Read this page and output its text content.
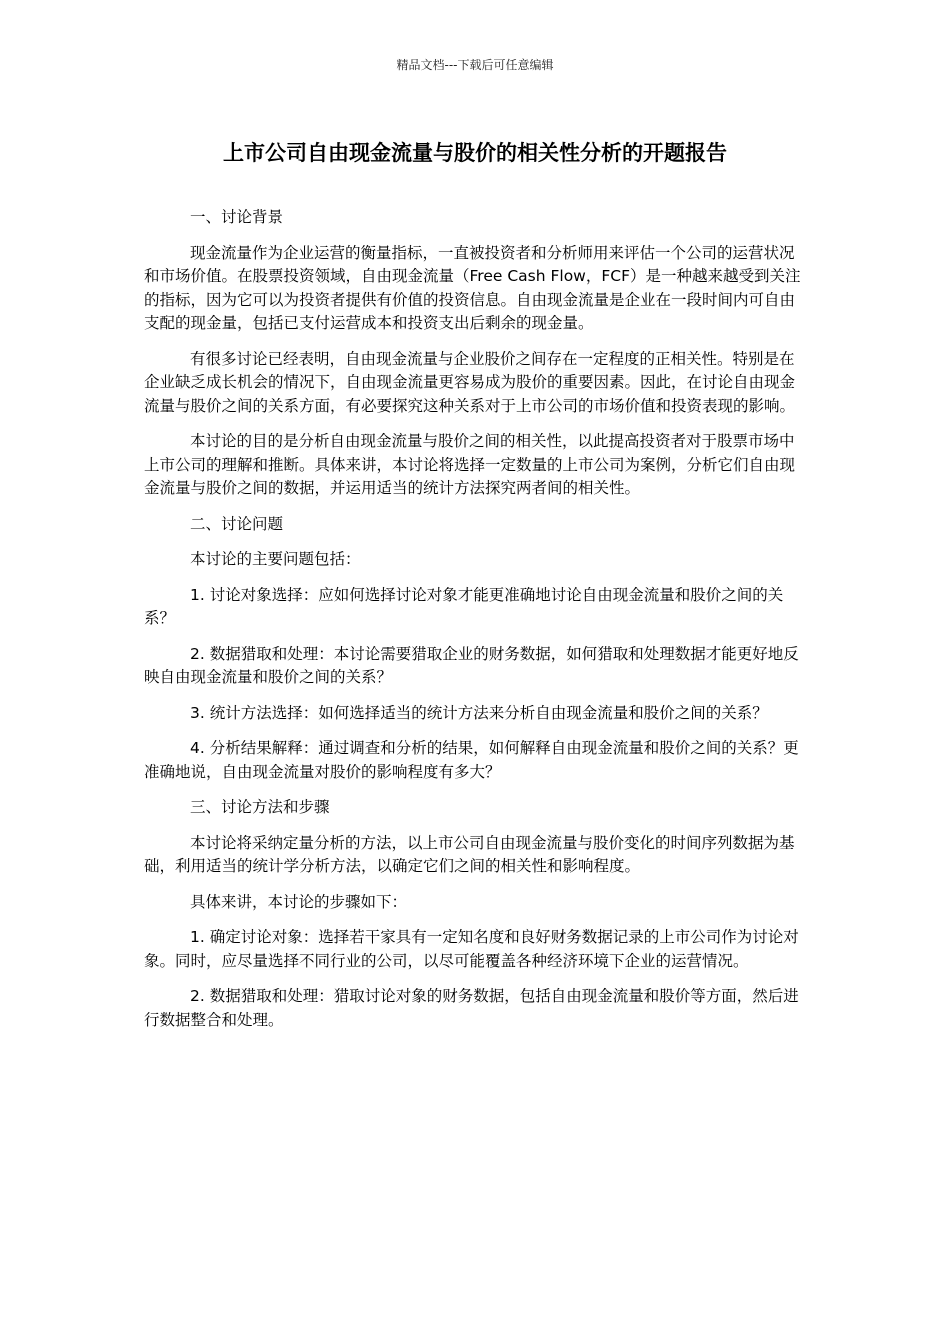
精品文档---下载后可任意编辑
上市公司自由现金流量与股价的相关性分析的开题报告

一、讨论背景

现金流量作为企业运营的衡量指标，一直被投资者和分析师用来评估一个公司的运营状况和市场价值。在股票投资领域，自由现金流量（Free Cash Flow，FCF）是一种越来越受到关注的指标，因为它可以为投资者提供有价值的投资信息。自由现金流量是企业在一段时间内可自由支配的现金量，包括已支付运营成本和投资支出后剩余的现金量。

有很多讨论已经表明，自由现金流量与企业股价之间存在一定程度的正相关性。特别是在企业缺乏成长机会的情况下，自由现金流量更容易成为股价的重要因素。因此，在讨论自由现金流量与股价之间的关系方面，有必要探究这种关系对于上市公司的市场价值和投资表现的影响。

本讨论的目的是分析自由现金流量与股价之间的相关性，以此提高投资者对于股票市场中上市公司的理解和推断。具体来讲，本讨论将选择一定数量的上市公司为案例，分析它们自由现金流量与股价之间的数据，并运用适当的统计方法探究两者间的相关性。

二、讨论问题

本讨论的主要问题包括：

1. 讨论对象选择：应如何选择讨论对象才能更准确地讨论自由现金流量和股价之间的关系？

2. 数据猎取和处理：本讨论需要猎取企业的财务数据，如何猎取和处理数据才能更好地反映自由现金流量和股价之间的关系？

3. 统计方法选择：如何选择适当的统计方法来分析自由现金流量和股价之间的关系？

4. 分析结果解释：通过调查和分析的结果，如何解释自由现金流量和股价之间的关系？更准确地说，自由现金流量对股价的影响程度有多大？

三、讨论方法和步骤

本讨论将采纳定量分析的方法，以上市公司自由现金流量与股价变化的时间序列数据为基础，利用适当的统计学分析方法，以确定它们之间的相关性和影响程度。

具体来讲，本讨论的步骤如下：

1. 确定讨论对象：选择若干家具有一定知名度和良好财务数据记录的上市公司作为讨论对象。同时，应尽量选择不同行业的公司，以尽可能覆盖各种经济环境下企业的运营情况。

2. 数据猎取和处理：猎取讨论对象的财务数据，包括自由现金流量和股价等方面，然后进行数据整合和处理。
